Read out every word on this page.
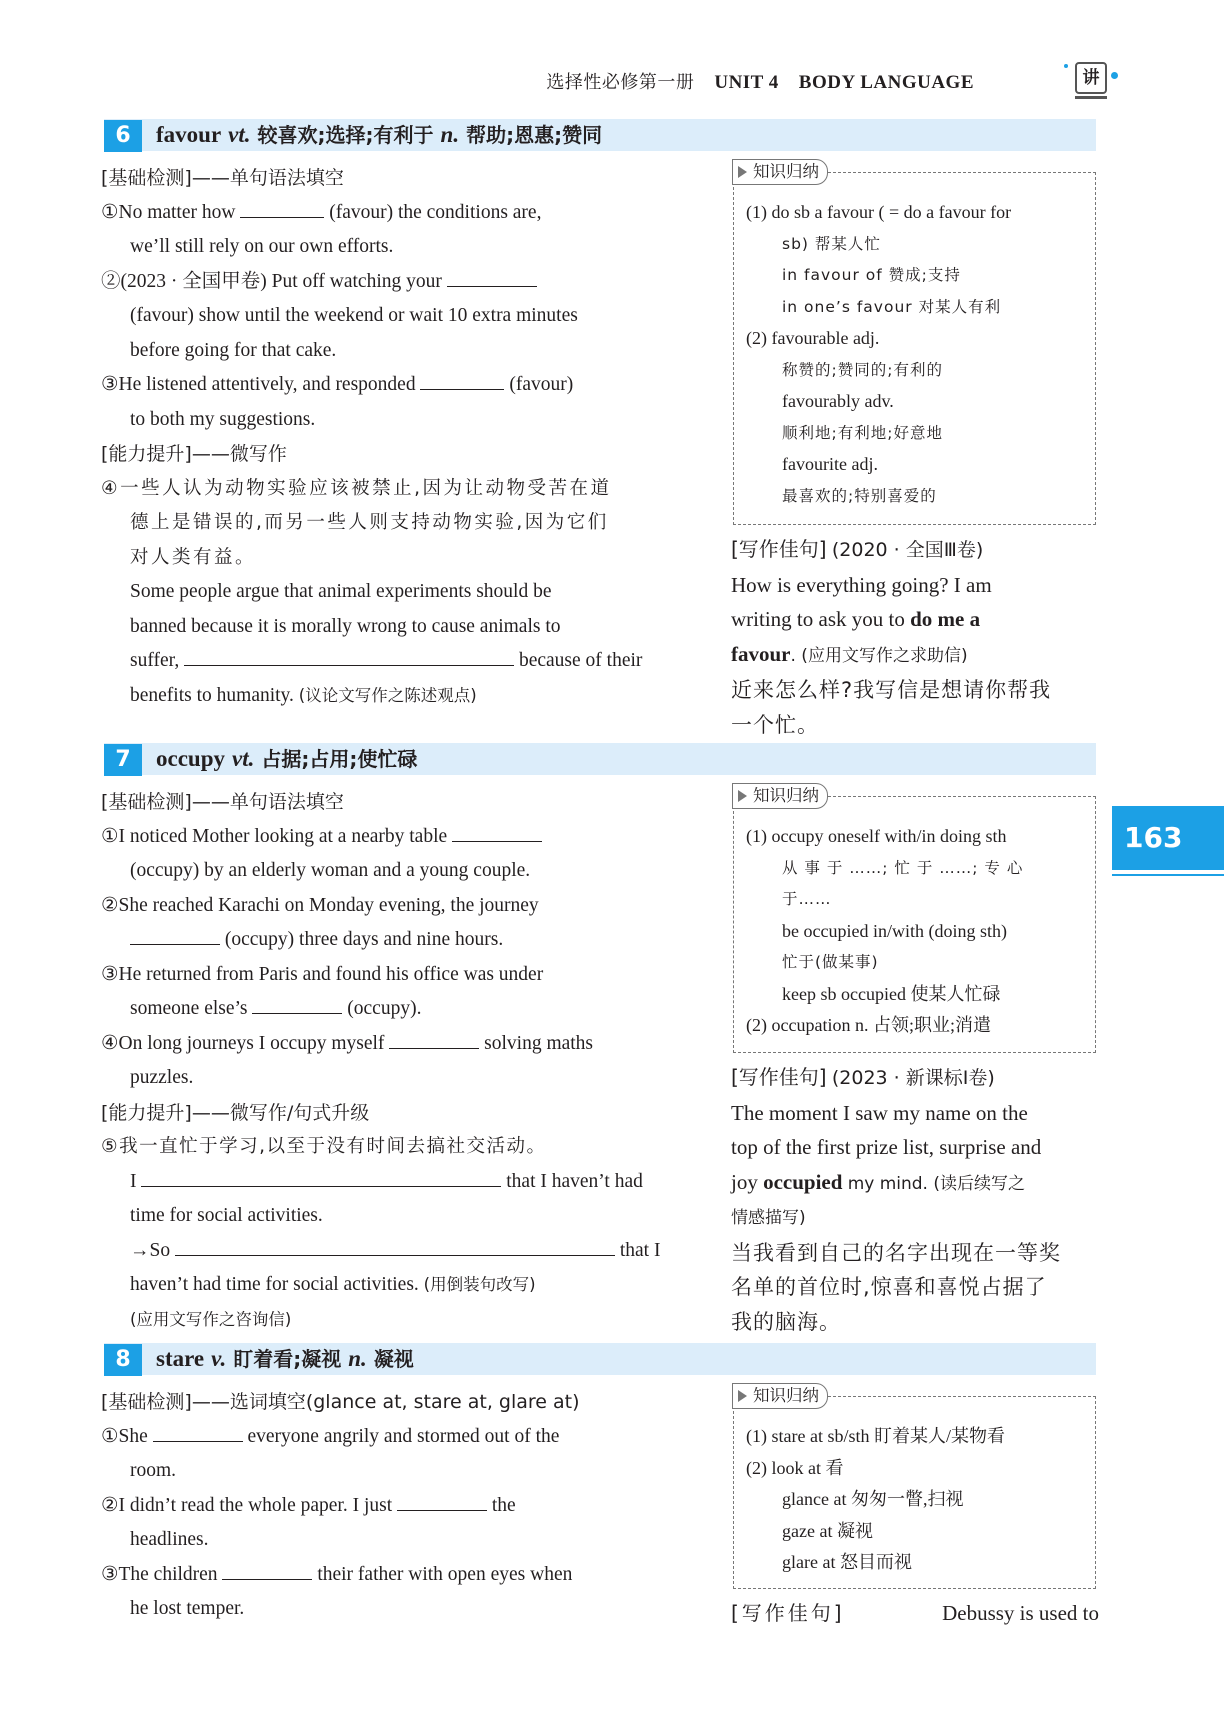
选择性必修第一册 UNIT 4 BODY LANGUAGE	讲
163
6 favour vt. 较喜欢;选择;有利于 n. 帮助;恩惠;赞同

[基础检测]——单句语法填空

①No matter how	(favour) the conditions are,

we’ll still rely on our own efforts.

②(2023 · 全国甲卷) Put off watching your

(favour) show until the weekend or wait 10 extra minutes

before going for that cake.

③He listened attentively, and responded	(favour)

to both my suggestions.

[能力提升]——微写作

④一些人认为动物实验应该被禁止,因为让动物受苦在道

德上是错误的,而另一些人则支持动物实验,因为它们

对人类有益。

Some people argue that animal experiments should be

banned because it is morally wrong to cause animals to

suffer,	because of their

benefits to humanity. (议论文写作之陈述观点)

知识归纳

(1) do sb a favour ( = do a favour for

sb) 帮某人忙

in favour of 赞成;支持

in one’s favour 对某人有利

(2) favourable adj.

称赞的;赞同的;有利的

favourably adv.

顺利地;有利地;好意地

favourite adj.

最喜欢的;特别喜爱的

[写作佳句] (2020 · 全国Ⅲ卷)

How is everything going? I am

writing to ask you to do me a

favour. (应用文写作之求助信)

近来怎么样?我写信是想请你帮我

一个忙。

7 occupy vt. 占据;占用;使忙碌

[基础检测]——单句语法填空

①I noticed Mother looking at a nearby table

(occupy) by an elderly woman and a young couple.

②She reached Karachi on Monday evening, the journey

(occupy) three days and nine hours.

③He returned from Paris and found his office was under

someone else’s	(occupy).

④On long journeys I occupy myself	solving maths

puzzles.

[能力提升]——微写作/句式升级

⑤我一直忙于学习,以至于没有时间去搞社交活动。

I	that I haven’t had

time for social activities.

→So	that I

haven’t had time for social activities. (用倒装句改写)

(应用文写作之咨询信)

知识归纳

(1) occupy oneself with/in doing sth

从 事 于 ……; 忙 于 ……; 专 心

于……

be occupied in/with (doing sth)

忙于(做某事)

keep sb occupied 使某人忙碌

(2) occupation n. 占领;职业;消遣

[写作佳句] (2023 · 新课标Ⅰ卷)

The moment I saw my name on the

top of the first prize list, surprise and

joy occupied my mind. (读后续写之

情感描写)

当我看到自己的名字出现在一等奖

名单的首位时,惊喜和喜悦占据了

我的脑海。

8 stare v. 盯着看;凝视 n. 凝视

[基础检测]——选词填空(glance at, stare at, glare at)

①She	everyone angrily and stormed out of the

room.

②I didn’t read the whole paper. I just	the

headlines.

③The children	their father with open eyes when

he lost temper.

知识归纳

(1) stare at sb/sth 盯着某人/某物看

(2) look at 看

glance at 匆匆一瞥,扫视

gaze at 凝视

glare at 怒目而视

[写作佳句]	Debussy is used to
